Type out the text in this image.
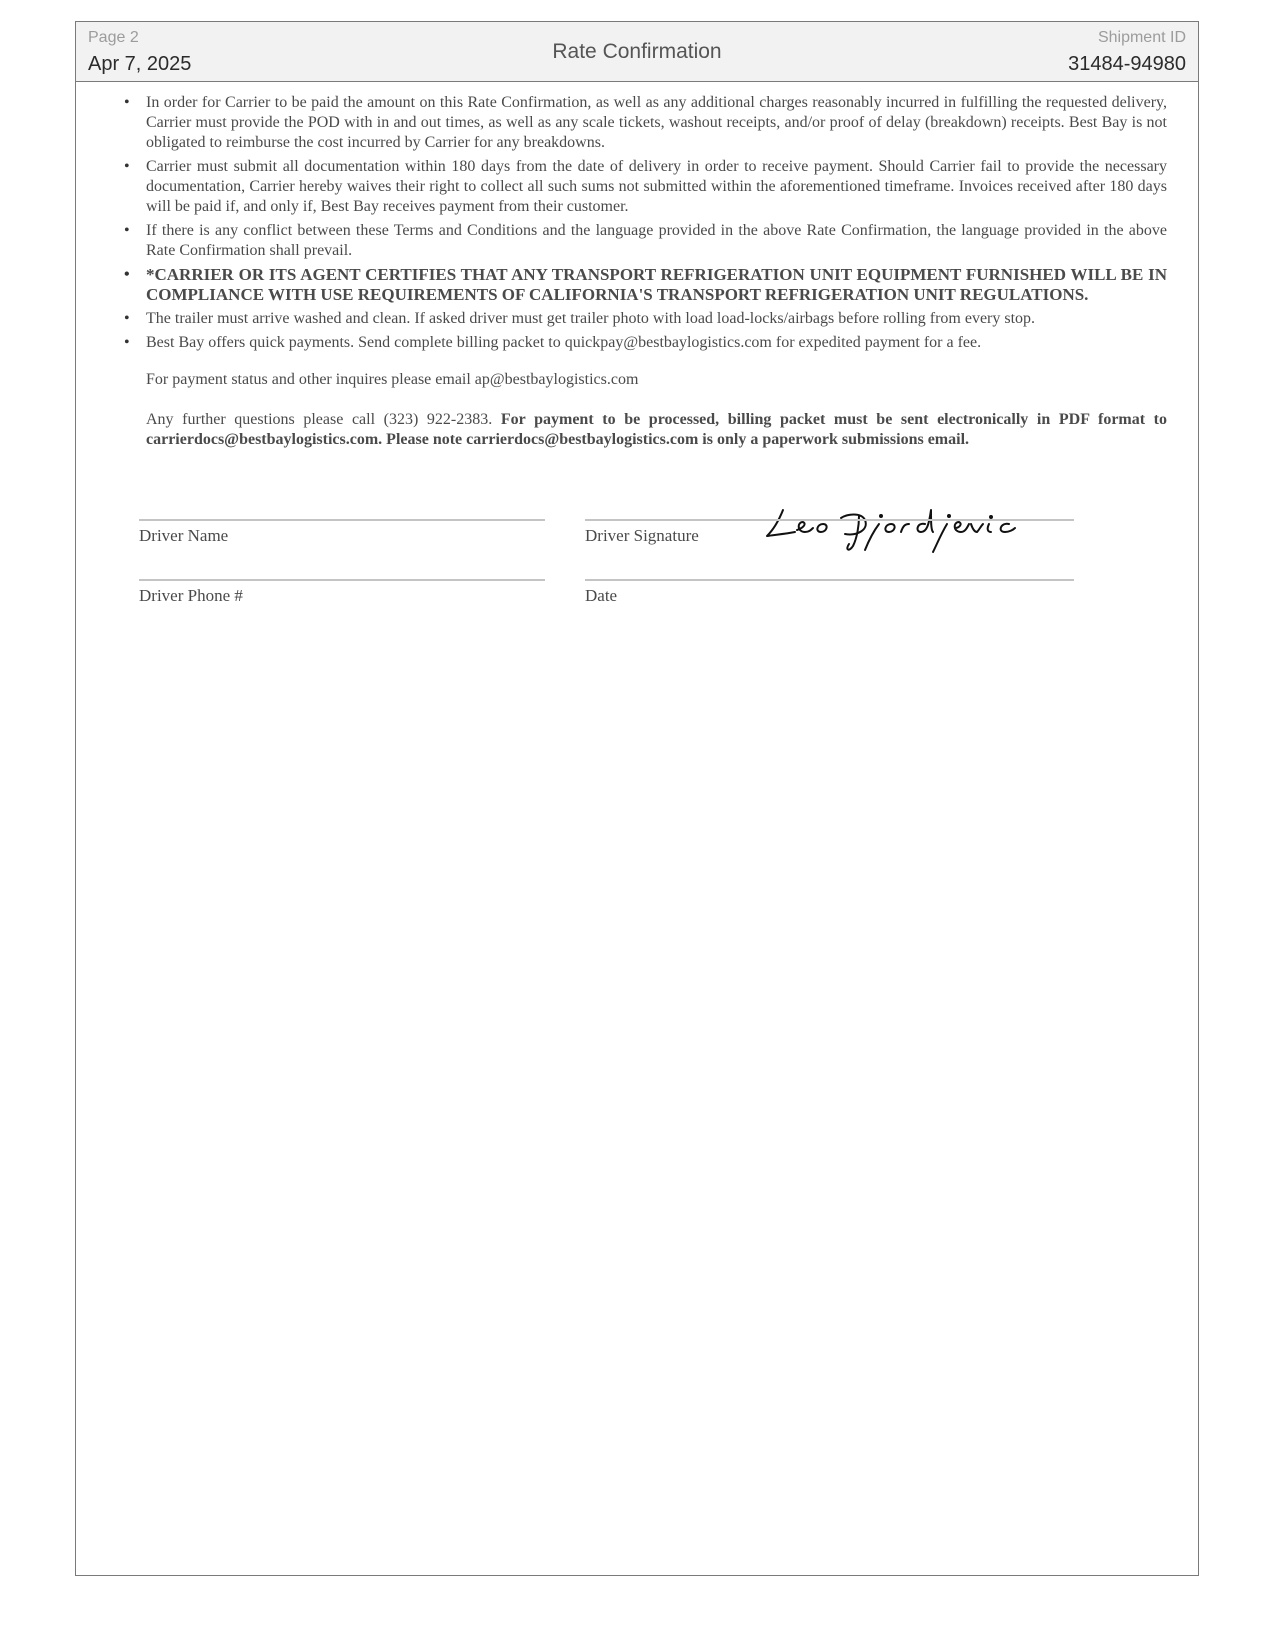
Page 2
Apr 7, 2025
Rate Confirmation
Shipment ID
31484-94980
• In order for Carrier to be paid the amount on this Rate Confirmation, as well as any additional charges reasonably incurred in fulfilling the requested delivery, Carrier must provide the POD with in and out times, as well as any scale tickets, washout receipts, and/or proof of delay (breakdown) receipts. Best Bay is not obligated to reimburse the cost incurred by Carrier for any breakdowns.
• Carrier must submit all documentation within 180 days from the date of delivery in order to receive payment. Should Carrier fail to provide the necessary documentation, Carrier hereby waives their right to collect all such sums not submitted within the aforementioned timeframe. Invoices received after 180 days will be paid if, and only if, Best Bay receives payment from their customer.
• If there is any conflict between these Terms and Conditions and the language provided in the above Rate Confirmation, the language provided in the above Rate Confirmation shall prevail.
• *CARRIER OR ITS AGENT CERTIFIES THAT ANY TRANSPORT REFRIGERATION UNIT EQUIPMENT FURNISHED WILL BE IN COMPLIANCE WITH USE REQUIREMENTS OF CALIFORNIA'S TRANSPORT REFRIGERATION UNIT REGULATIONS.
• The trailer must arrive washed and clean. If asked driver must get trailer photo with load load-locks/airbags before rolling from every stop.
• Best Bay offers quick payments. Send complete billing packet to quickpay@bestbaylogistics.com for expedited payment for a fee.

For payment status and other inquires please email ap@bestbaylogistics.com

Any further questions please call (323) 922-2383. For payment to be processed, billing packet must be sent electronically in PDF format to carrierdocs@bestbaylogistics.com. Please note carrierdocs@bestbaylogistics.com is only a paperwork submissions email.

Driver Name	Driver Signature
Driver Phone #	Date
